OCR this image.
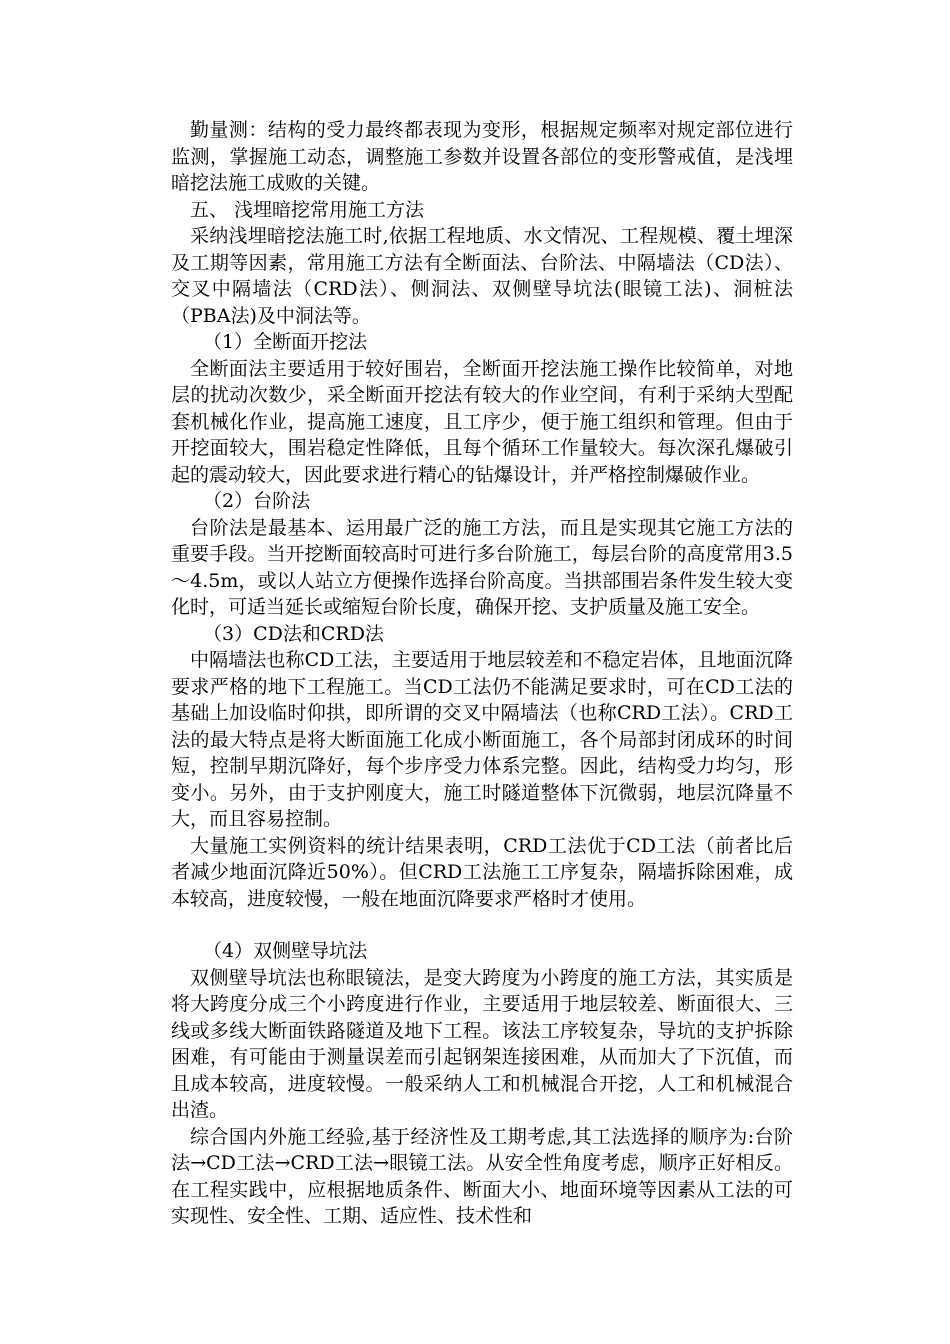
勤量测：结构的受力最终都表现为变形，根据规定频率对规定部位进行监测，掌握施工动态，调整施工参数并设置各部位的变形警戒值，是浅埋暗挖法施工成败的关键。

五、 浅埋暗挖常用施工方法

采纳浅埋暗挖法施工时,依据工程地质、水文情况、工程规模、覆土埋深及工期等因素，常用施工方法有全断面法、台阶法、中隔墙法（CD法）、交叉中隔墙法（CRD法）、侧洞法、双侧壁导坑法(眼镜工法)、洞桩法（PBA法)及中洞法等。

（1）全断面开挖法

全断面法主要适用于较好围岩，全断面开挖法施工操作比较简单，对地层的扰动次数少，采全断面开挖法有较大的作业空间，有利于采纳大型配套机械化作业，提高施工速度，且工序少，便于施工组织和管理。但由于开挖面较大，围岩稳定性降低，且每个循环工作量较大。每次深孔爆破引起的震动较大，因此要求进行精心的钻爆设计，并严格控制爆破作业。

（2）台阶法

台阶法是最基本、运用最广泛的施工方法，而且是实现其它施工方法的重要手段。当开挖断面较高时可进行多台阶施工，每层台阶的高度常用3.5～4.5m，或以人站立方便操作选择台阶高度。当拱部围岩条件发生较大变化时，可适当延长或缩短台阶长度，确保开挖、支护质量及施工安全。

（3）CD法和CRD法

中隔墙法也称CD工法，主要适用于地层较差和不稳定岩体，且地面沉降要求严格的地下工程施工。当CD工法仍不能满足要求时，可在CD工法的基础上加设临时仰拱，即所谓的交叉中隔墙法（也称CRD工法）。CRD工法的最大特点是将大断面施工化成小断面施工，各个局部封闭成环的时间短，控制早期沉降好，每个步序受力体系完整。因此，结构受力均匀，形变小。另外，由于支护刚度大，施工时隧道整体下沉微弱，地层沉降量不大，而且容易控制。

大量施工实例资料的统计结果表明，CRD工法优于CD工法（前者比后者减少地面沉降近50%）。但CRD工法施工工序复杂，隔墙拆除困难，成本较高，进度较慢，一般在地面沉降要求严格时才使用。

（4）双侧壁导坑法

双侧壁导坑法也称眼镜法，是变大跨度为小跨度的施工方法，其实质是将大跨度分成三个小跨度进行作业，主要适用于地层较差、断面很大、三线或多线大断面铁路隧道及地下工程。该法工序较复杂，导坑的支护拆除困难，有可能由于测量误差而引起钢架连接困难，从而加大了下沉值，而且成本较高，进度较慢。一般采纳人工和机械混合开挖，人工和机械混合出渣。

综合国内外施工经验,基于经济性及工期考虑,其工法选择的顺序为:台阶法→CD工法→CRD工法→眼镜工法。从安全性角度考虑，顺序正好相反。在工程实践中，应根据地质条件、断面大小、地面环境等因素从工法的可实现性、安全性、工期、适应性、技术性和
